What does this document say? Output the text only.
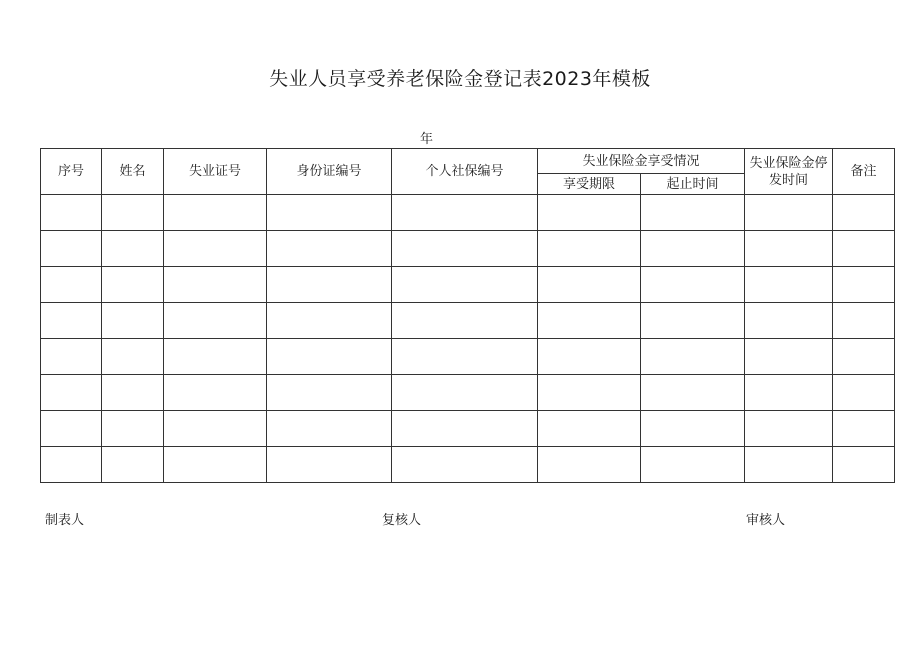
失业人员享受养老保险金登记表2023年模板
年
序号	姓名	失业证号	身份证编号	个人社保编号	失业保险金享受情况		失业保险金停发时间	备注
					享受期限	起止时间		

制表人	复核人	审核人
